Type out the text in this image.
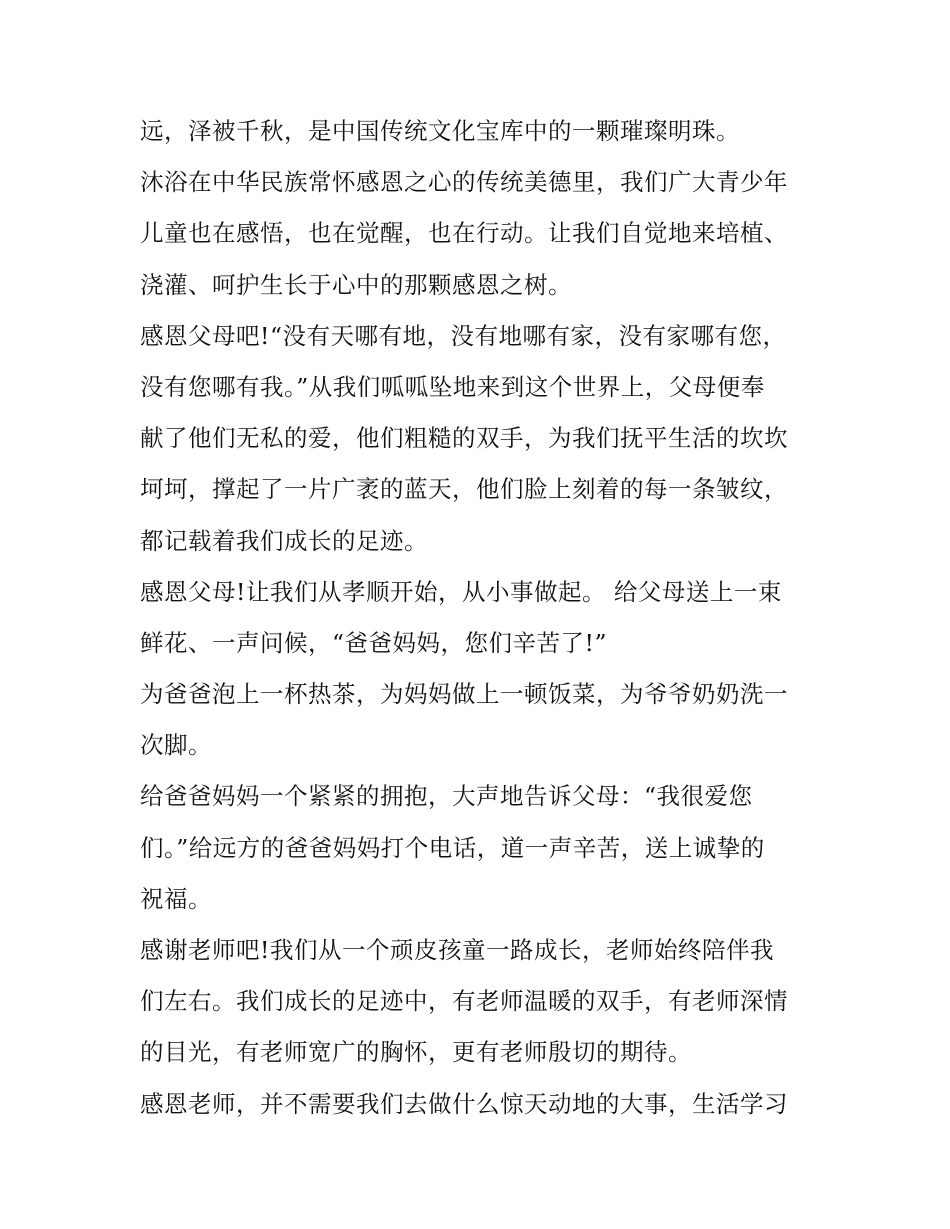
远，泽被千秋，是中国传统文化宝库中的一颗璀璨明珠。
沐浴在中华民族常怀感恩之心的传统美德里，我们广大青少年
儿童也在感悟，也在觉醒，也在行动。让我们自觉地来培植、
浇灌、呵护生长于心中的那颗感恩之树。
感恩父母吧!“没有天哪有地，没有地哪有家，没有家哪有您，
没有您哪有我。”从我们呱呱坠地来到这个世界上，父母便奉
献了他们无私的爱，他们粗糙的双手，为我们抚平生活的坎坎
坷坷，撑起了一片广袤的蓝天，他们脸上刻着的每一条皱纹，
都记载着我们成长的足迹。
感恩父母!让我们从孝顺开始，从小事做起。 给父母送上一束
鲜花、一声问候，“爸爸妈妈，您们辛苦了!”
为爸爸泡上一杯热茶，为妈妈做上一顿饭菜，为爷爷奶奶洗一
次脚。
给爸爸妈妈一个紧紧的拥抱，大声地告诉父母：“我很爱您
们。”给远方的爸爸妈妈打个电话，道一声辛苦，送上诚挚的
祝福。
感谢老师吧!我们从一个顽皮孩童一路成长，老师始终陪伴我
们左右。我们成长的足迹中，有老师温暖的双手，有老师深情
的目光，有老师宽广的胸怀，更有老师殷切的期待。
感恩老师，并不需要我们去做什么惊天动地的大事，生活学习
